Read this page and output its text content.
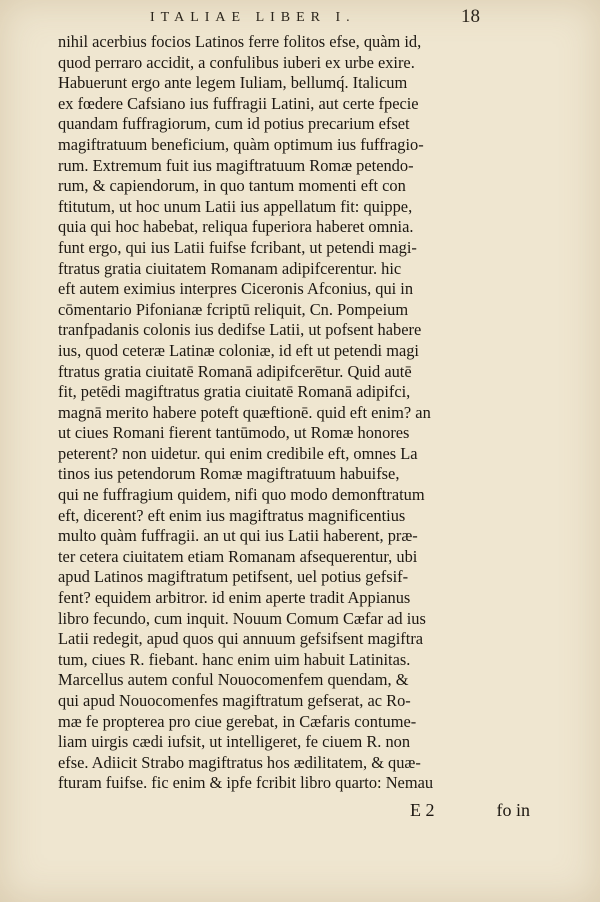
ITALIAE LIBER I.	18
nihil acerbius focios Latinos ferre folitos efse, quàm id,
quod perraro accidit, a confulibus iuberi ex urbe exire.
Habuerunt ergo ante legem Iuliam, bellumq́. Italicum
ex fœdere Cafsiano ius fuffragii Latini, aut certe fpecie
quandam fuffragiorum, cum id potius precarium efset
magiftratuum beneficium, quàm optimum ius fuffragio-
rum. Extremum fuit ius magiftratuum Romæ petendo-
rum, & capiendorum, in quo tantum momenti eft con
ftitutum, ut hoc unum Latii ius appellatum fit: quippe,
quia qui hoc habebat, reliqua fuperiora haberet omnia.
funt ergo, qui ius Latii fuifse fcribant, ut petendi magi-
ftratus gratia ciuitatem Romanam adipifcerentur. hic
eft autem eximius interpres Ciceronis Afconius, qui in
cōmentario Pifonianæ fcriptū reliquit, Cn. Pompeium
tranfpadanis colonis ius dedifse Latii, ut pofsent habere
ius, quod ceteræ Latinæ coloniæ, id eft ut petendi magi
ftratus gratia ciuitatē Romanā adipifcerētur. Quid autē
fit, petēdi magiftratus gratia ciuitatē Romanā adipifci,
magnā merito habere poteft quæftionē. quid eft enim? an
ut ciues Romani fierent tantūmodo, ut Romæ honores
peterent? non uidetur. qui enim credibile eft, omnes La
tinos ius petendorum Romæ magiftratuum habuifse,
qui ne fuffragium quidem, nifi quo modo demonftratum
eft, dicerent? eft enim ius magiftratus magnificentius
multo quàm fuffragii. an ut qui ius Latii haberent, præ-
ter cetera ciuitatem etiam Romanam afsequerentur, ubi
apud Latinos magiftratum petifsent, uel potius gefsif-
fent? equidem arbitror. id enim aperte tradit Appianus
libro fecundo, cum inquit. Nouum Comum Cæfar ad ius
Latii redegit, apud quos qui annuum gefsifsent magiftra
tum, ciues R. fiebant. hanc enim uim habuit Latinitas.
Marcellus autem conful Nouocomenfem quendam, &
qui apud Nouocomenfes magiftratum gefserat, ac Ro-
mæ fe propterea pro ciue gerebat, in Cæfaris contume-
liam uirgis cædi iufsit, ut intelligeret, fe ciuem R. non
efse. Adiicit Strabo magiftratus hos ædilitatem, & quæ-
fturam fuifse. fic enim & ipfe fcribit libro quarto: Nemau
E 2	fo in
